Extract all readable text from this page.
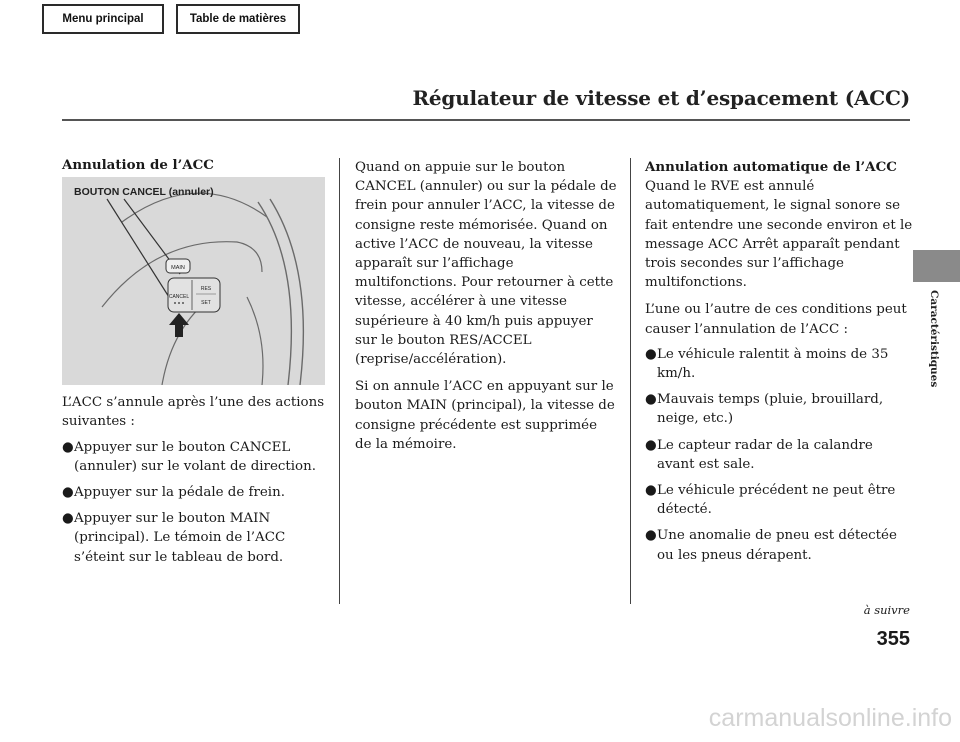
Menu principal	Table de matières
Régulateur de vitesse et d’espacement (ACC)
Caractéristiques
Annulation de l’ACC
MAIN
CANCEL
RES
SET
BOUTON CANCEL (annuler)

L’ACC s’annule après l’une des actions suivantes :

● Appuyer sur le bouton CANCEL (annuler) sur le volant de direction.
● Appuyer sur la pédale de frein.
● Appuyer sur le bouton MAIN (principal). Le témoin de l’ACC s’éteint sur le tableau de bord.

Quand on appuie sur le bouton CANCEL (annuler) ou sur la pédale de frein pour annuler l’ACC, la vitesse de consigne reste mémorisée. Quand on active l’ACC de nouveau, la vitesse apparaît sur l’affichage multifonctions. Pour retourner à cette vitesse, accélérer à une vitesse supérieure à 40 km/h puis appuyer sur le bouton RES/ACCEL (reprise/accélération).

Si on annule l’ACC en appuyant sur le bouton MAIN (principal), la vitesse de consigne précédente est supprimée de la mémoire.

Annulation automatique de l’ACC

Quand le RVE est annulé automatiquement, le signal sonore se fait entendre une seconde environ et le message ACC Arrêt apparaît pendant trois secondes sur l’affichage multifonctions.

L’une ou l’autre de ces conditions peut causer l’annulation de l’ACC :

● Le véhicule ralentit à moins de 35 km/h.
● Mauvais temps (pluie, brouillard, neige, etc.)
● Le capteur radar de la calandre avant est sale.
● Le véhicule précédent ne peut être détecté.
● Une anomalie de pneu est détectée ou les pneus dérapent.
à suivre
355
carmanualsonline.info
